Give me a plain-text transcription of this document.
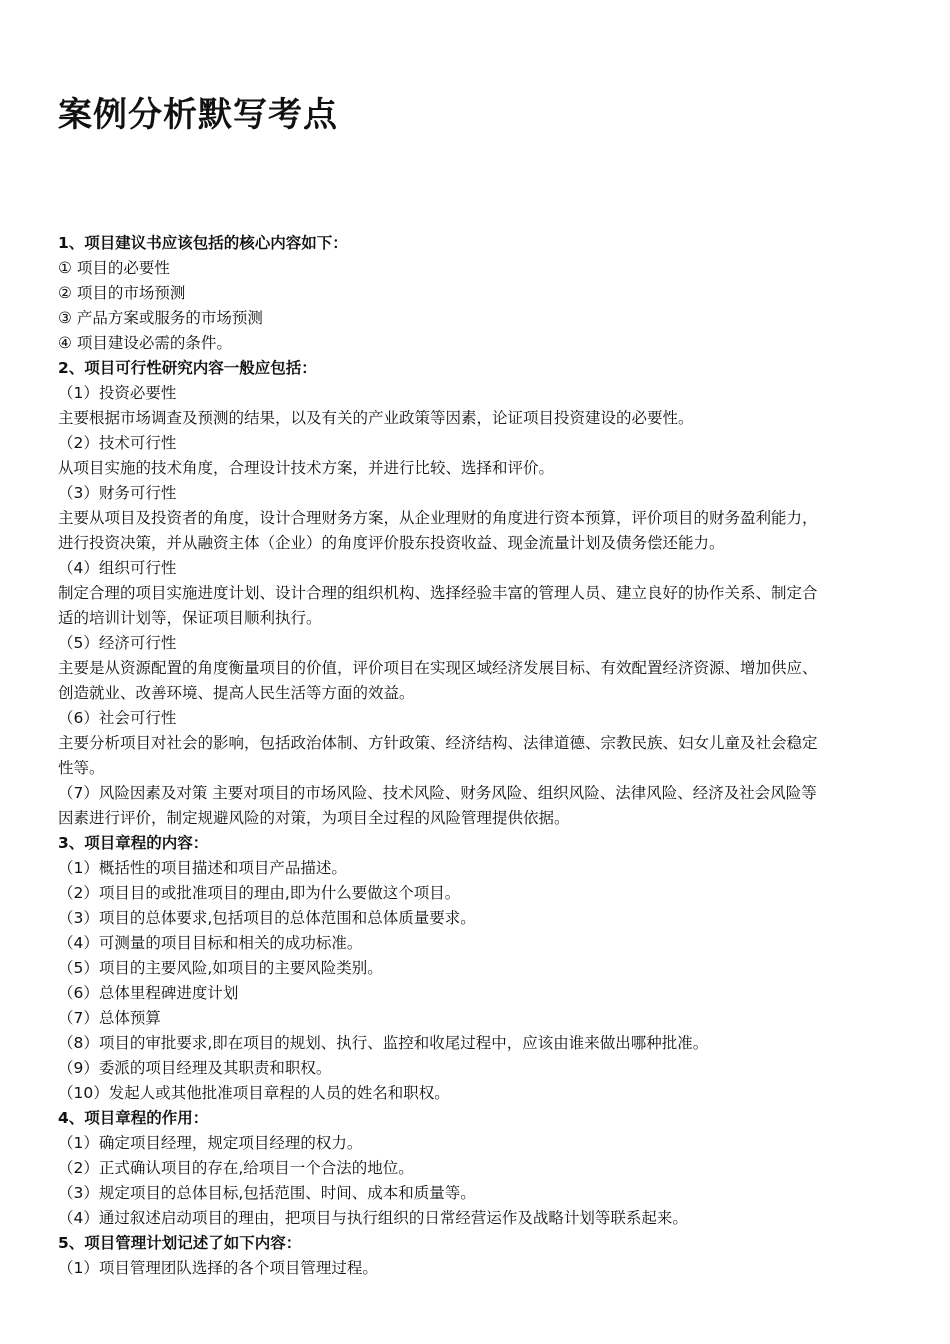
案例分析默写考点
1、项目建议书应该包括的核心内容如下：
① 项目的必要性
② 项目的市场预测
③ 产品方案或服务的市场预测
④ 项目建设必需的条件。
2、项目可行性研究内容一般应包括：
（1）投资必要性
主要根据市场调查及预测的结果，以及有关的产业政策等因素，论证项目投资建设的必要性。
（2）技术可行性
从项目实施的技术角度，合理设计技术方案，并进行比较、选择和评价。
（3）财务可行性
主要从项目及投资者的角度，设计合理财务方案，从企业理财的角度进行资本预算，评价项目的财务盈利能力，
进行投资决策，并从融资主体（企业）的角度评价股东投资收益、现金流量计划及债务偿还能力。
（4）组织可行性
制定合理的项目实施进度计划、设计合理的组织机构、选择经验丰富的管理人员、建立良好的协作关系、制定合
适的培训计划等，保证项目顺利执行。
（5）经济可行性
主要是从资源配置的角度衡量项目的价值，评价项目在实现区域经济发展目标、有效配置经济资源、增加供应、
创造就业、改善环境、提高人民生活等方面的效益。
（6）社会可行性
主要分析项目对社会的影响，包括政治体制、方针政策、经济结构、法律道德、宗教民族、妇女儿童及社会稳定
性等。
（7）风险因素及对策 主要对项目的市场风险、技术风险、财务风险、组织风险、法律风险、经济及社会风险等
因素进行评价，制定规避风险的对策，为项目全过程的风险管理提供依据。
3、项目章程的内容：
（1）概括性的项目描述和项目产品描述。
（2）项目目的或批准项目的理由,即为什么要做这个项目。
（3）项目的总体要求,包括项目的总体范围和总体质量要求。
（4）可测量的项目目标和相关的成功标准。
（5）项目的主要风险,如项目的主要风险类别。
（6）总体里程碑进度计划
（7）总体预算
（8）项目的审批要求,即在项目的规划、执行、监控和收尾过程中，应该由谁来做出哪种批准。
（9）委派的项目经理及其职责和职权。
（10）发起人或其他批准项目章程的人员的姓名和职权。
4、项目章程的作用：
（1）确定项目经理，规定项目经理的权力。
（2）正式确认项目的存在,给项目一个合法的地位。
（3）规定项目的总体目标,包括范围、时间、成本和质量等。
（4）通过叙述启动项目的理由，把项目与执行组织的日常经营运作及战略计划等联系起来。
5、项目管理计划记述了如下内容：
（1）项目管理团队选择的各个项目管理过程。
